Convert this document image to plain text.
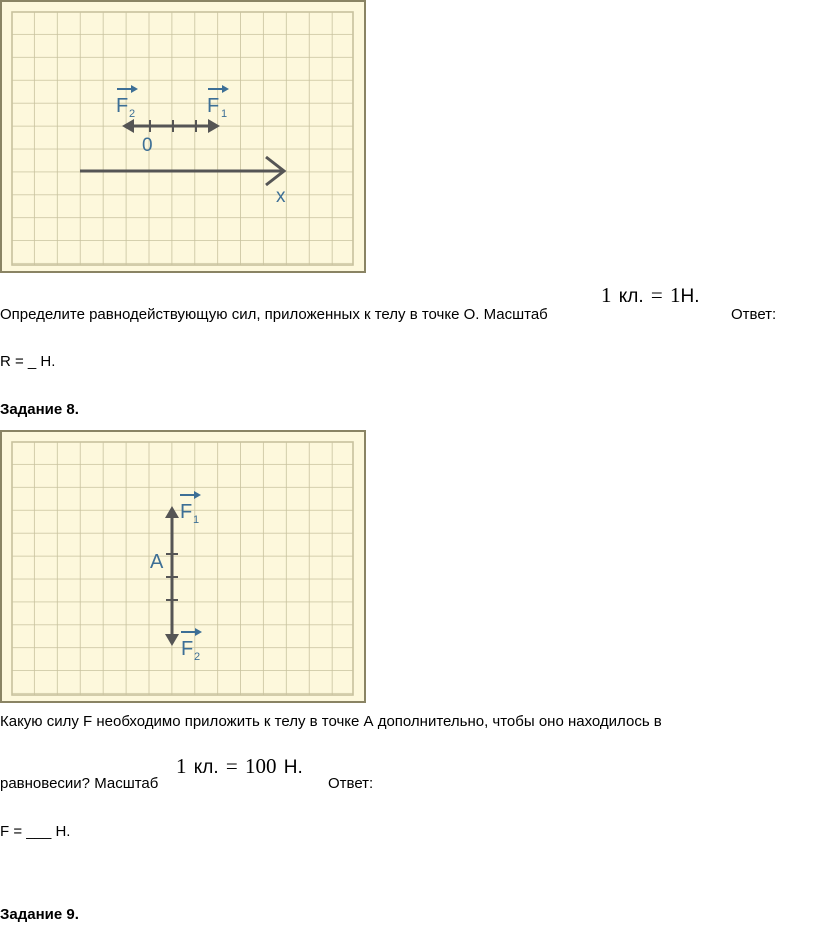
x
0
F 2	F 1
Определите равнодействующую сил, приложенных к телу в точке О. Масштаб
1 кл. = 1Н.
Ответ:
R = _ Н.
Задание 8.
A
F 1
F 2
Какую силу F необходимо приложить к телу в точке А дополнительно, чтобы оно находилось в
равновесии? Масштаб
1 кл. = 100 Н.
Ответ:
F = ___ Н.
Задание 9.
